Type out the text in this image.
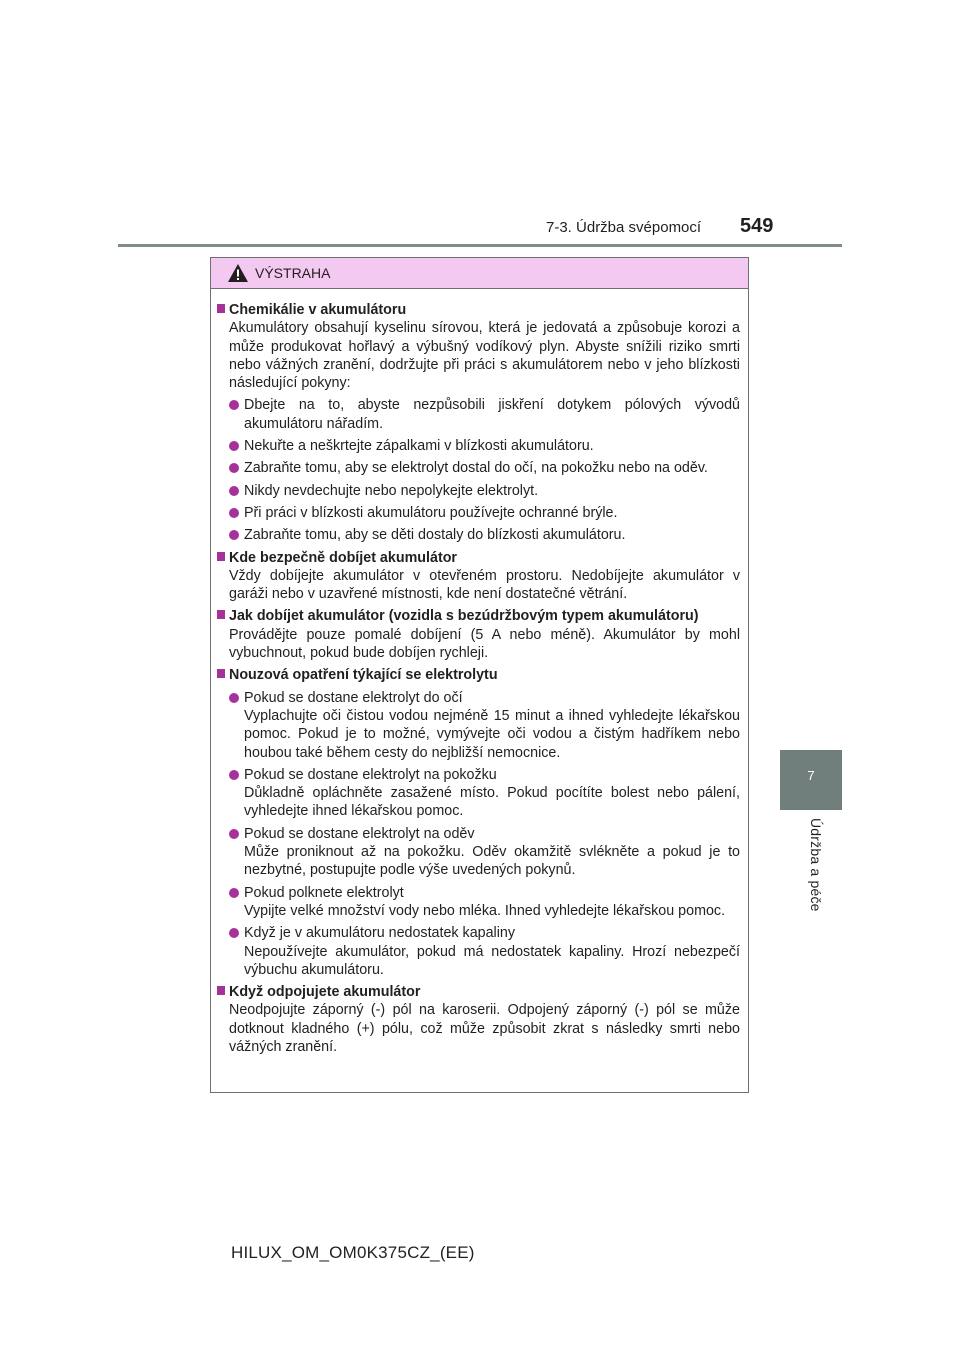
7-3. Údržba svépomocí 549
7
Údržba a péče
VÝSTRAHA
Chemikálie v akumulátoru
Akumulátory obsahují kyselinu sírovou, která je jedovatá a způsobuje korozi a může produkovat hořlavý a výbušný vodíkový plyn. Abyste snížili riziko smrti nebo vážných zranění, dodržujte při práci s akumulátorem nebo v jeho blízkosti následující pokyny:
Dbejte na to, abyste nezpůsobili jiskření dotykem pólových vývodů akumulátoru nářadím.
Nekuřte a neškrtejte zápalkami v blízkosti akumulátoru.
Zabraňte tomu, aby se elektrolyt dostal do očí, na pokožku nebo na oděv.
Nikdy nevdechujte nebo nepolykejte elektrolyt.
Při práci v blízkosti akumulátoru používejte ochranné brýle.
Zabraňte tomu, aby se děti dostaly do blízkosti akumulátoru.
Kde bezpečně dobíjet akumulátor
Vždy dobíjejte akumulátor v otevřeném prostoru. Nedobíjejte akumulátor v garáži nebo v uzavřené místnosti, kde není dostatečné větrání.
Jak dobíjet akumulátor (vozidla s bezúdržbovým typem akumulátoru)
Provádějte pouze pomalé dobíjení (5 A nebo méně). Akumulátor by mohl vybuchnout, pokud bude dobíjen rychleji.
Nouzová opatření týkající se elektrolytu
Pokud se dostane elektrolyt do očí
Vyplachujte oči čistou vodou nejméně 15 minut a ihned vyhledejte lékařskou pomoc. Pokud je to možné, vymývejte oči vodou a čistým hadříkem nebo houbou také během cesty do nejbližší nemocnice.
Pokud se dostane elektrolyt na pokožku
Důkladně opláchněte zasažené místo. Pokud pocítíte bolest nebo pálení, vyhledejte ihned lékařskou pomoc.
Pokud se dostane elektrolyt na oděv
Může proniknout až na pokožku. Oděv okamžitě svlékněte a pokud je to nezbytné, postupujte podle výše uvedených pokynů.
Pokud polknete elektrolyt
Vypijte velké množství vody nebo mléka. Ihned vyhledejte lékařskou pomoc.
Když je v akumulátoru nedostatek kapaliny
Nepoužívejte akumulátor, pokud má nedostatek kapaliny. Hrozí nebezpečí výbuchu akumulátoru.
Když odpojujete akumulátor
Neodpojujte záporný (-) pól na karoserii. Odpojený záporný (-) pól se může dotknout kladného (+) pólu, což může způsobit zkrat s následky smrti nebo vážných zranění.
HILUX_OM_OM0K375CZ_(EE)
